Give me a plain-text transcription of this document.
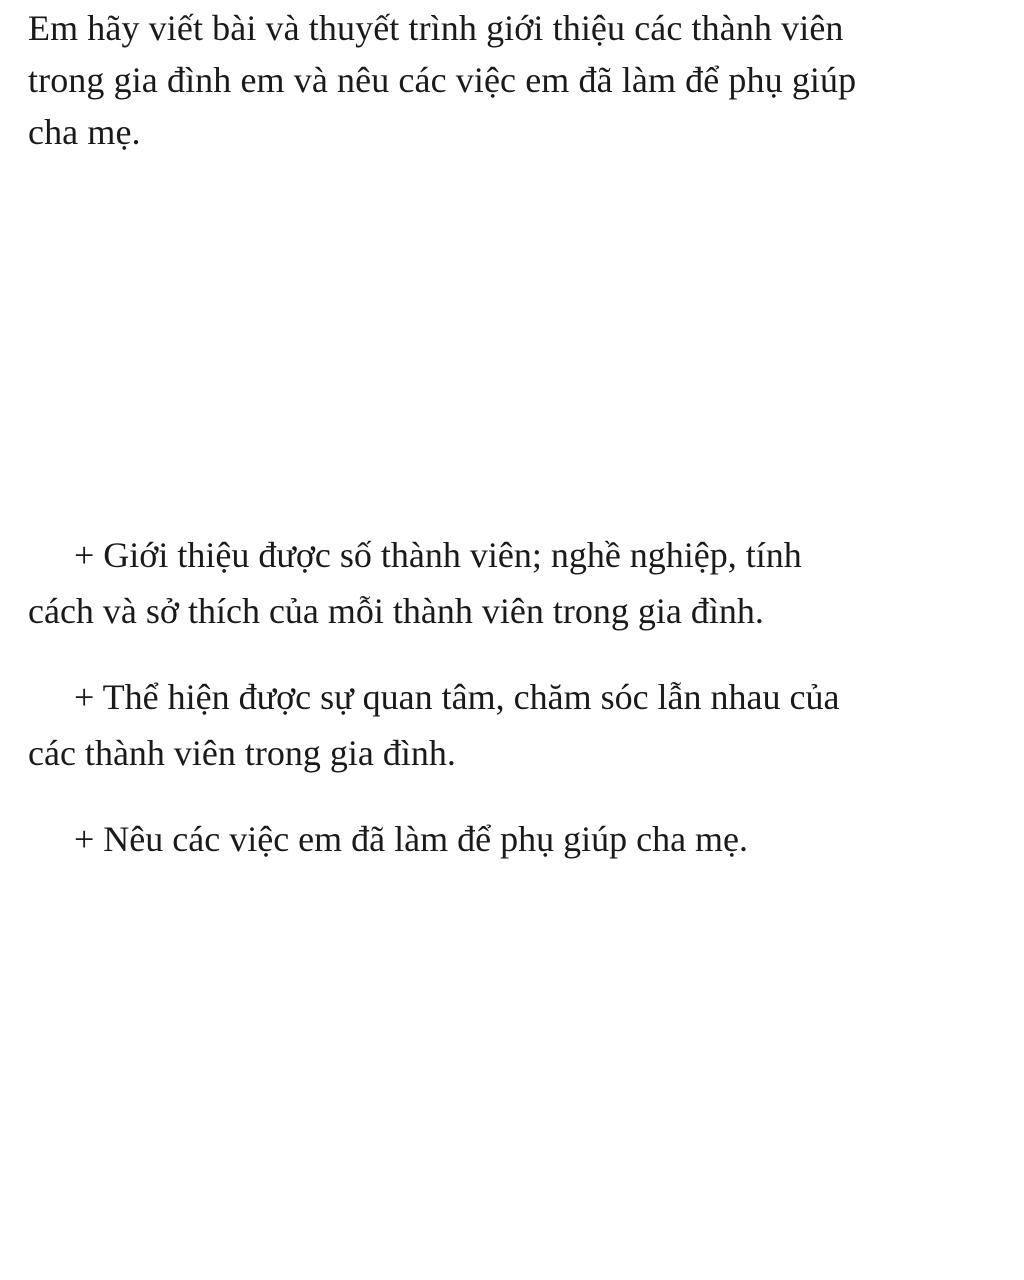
Em hãy viết bài và thuyết trình giới thiệu các thành viên
trong gia đình em và nêu các việc em đã làm để phụ giúp
cha mẹ.

+ Giới thiệu được số thành viên; nghề nghiệp, tính
cách và sở thích của mỗi thành viên trong gia đình.
+ Thể hiện được sự quan tâm, chăm sóc lẫn nhau của
các thành viên trong gia đình.
+ Nêu các việc em đã làm để phụ giúp cha mẹ.
